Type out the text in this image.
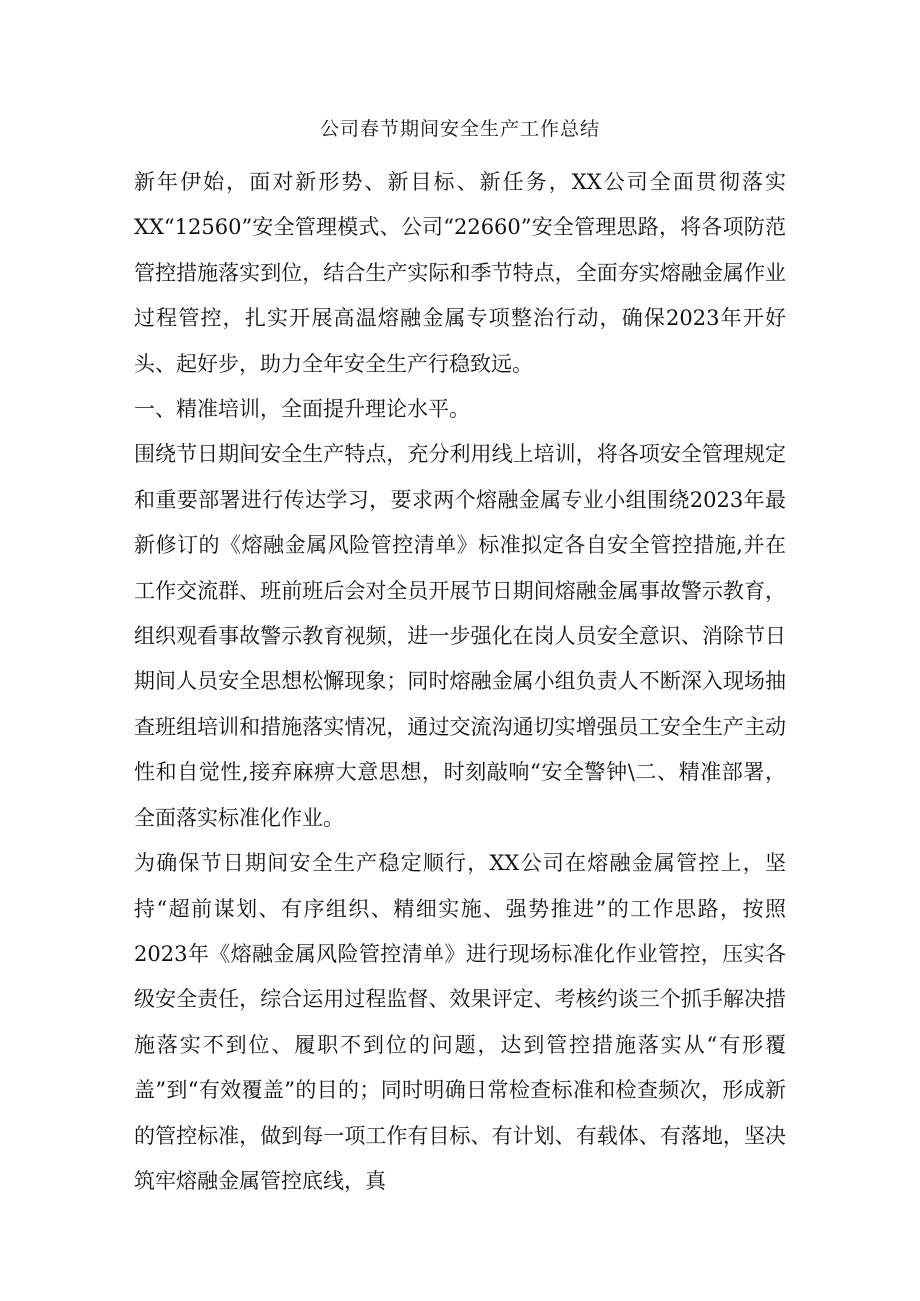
公司春节期间安全生产工作总结

新年伊始，面对新形势、新目标、新任务，XX公司全面贯彻落实XX“12560”安全管理模式、公司“22660”安全管理思路，将各项防范管控措施落实到位，结合生产实际和季节特点，全面夯实熔融金属作业过程管控，扎实开展高温熔融金属专项整治行动，确保2023年开好头、起好步，助力全年安全生产行稳致远。

一、精准培训，全面提升理论水平。

围绕节日期间安全生产特点，充分利用线上培训，将各项安全管理规定和重要部署进行传达学习，要求两个熔融金属专业小组围绕2023年最新修订的《熔融金属风险管控清单》标准拟定各自安全管控措施,并在工作交流群、班前班后会对全员开展节日期间熔融金属事故警示教育，组织观看事故警示教育视频，进一步强化在岗人员安全意识、消除节日期间人员安全思想松懈现象；同时熔融金属小组负责人不断深入现场抽查班组培训和措施落实情况，通过交流沟通切实增强员工安全生产主动性和自觉性,接弃麻痹大意思想，时刻敲响“安全警钟\二、精准部署，全面落实标准化作业。

为确保节日期间安全生产稳定顺行，XX公司在熔融金属管控上，坚持“超前谋划、有序组织、精细实施、强势推进”的工作思路，按照2023年《熔融金属风险管控清单》进行现场标准化作业管控，压实各级安全责任，综合运用过程监督、效果评定、考核约谈三个抓手解决措施落实不到位、履职不到位的问题，达到管控措施落实从“有形覆盖”到“有效覆盖”的目的；同时明确日常检查标准和检查频次，形成新的管控标准，做到每一项工作有目标、有计划、有载体、有落地，坚决筑牢熔融金属管控底线，真
